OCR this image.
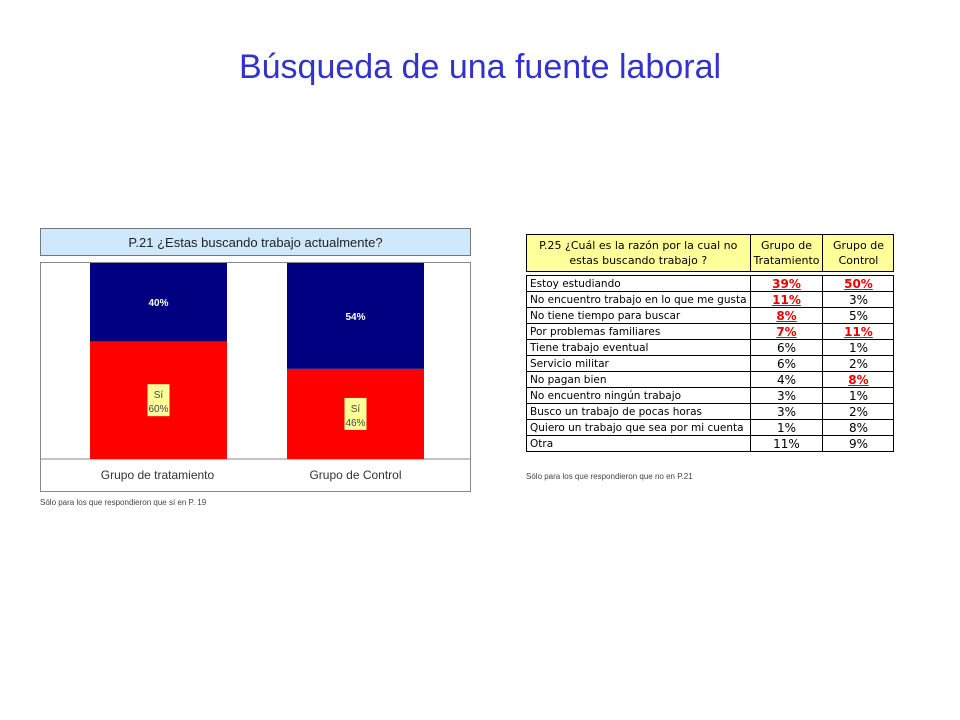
Búsqueda de una fuente laboral
P.21 ¿Estas buscando trabajo actualmente?
Sí
60%
40%
Grupo de tratamiento
Sí
46%
54%
Grupo de Control
Sólo para los que respondieron que sí en P. 19
P.25 ¿Cuál es la razón por la cual no estas buscando trabajo ?	Grupo de Tratamiento	Grupo de Control

Estoy estudiando	39%	50%
No encuentro trabajo en lo que me gusta	11%	3%
No tiene tiempo para buscar	8%	5%
Por problemas familiares	7%	11%
Tiene trabajo eventual	6%	1%
Servicio militar	6%	2%
No pagan bien	4%	8%
No encuentro ningún trabajo	3%	1%
Busco un trabajo de pocas horas	3%	2%
Quiero un trabajo que sea por mi cuenta	1%	8%
Otra	11%	9%
Sólo para los que respondieron que no en P.21
